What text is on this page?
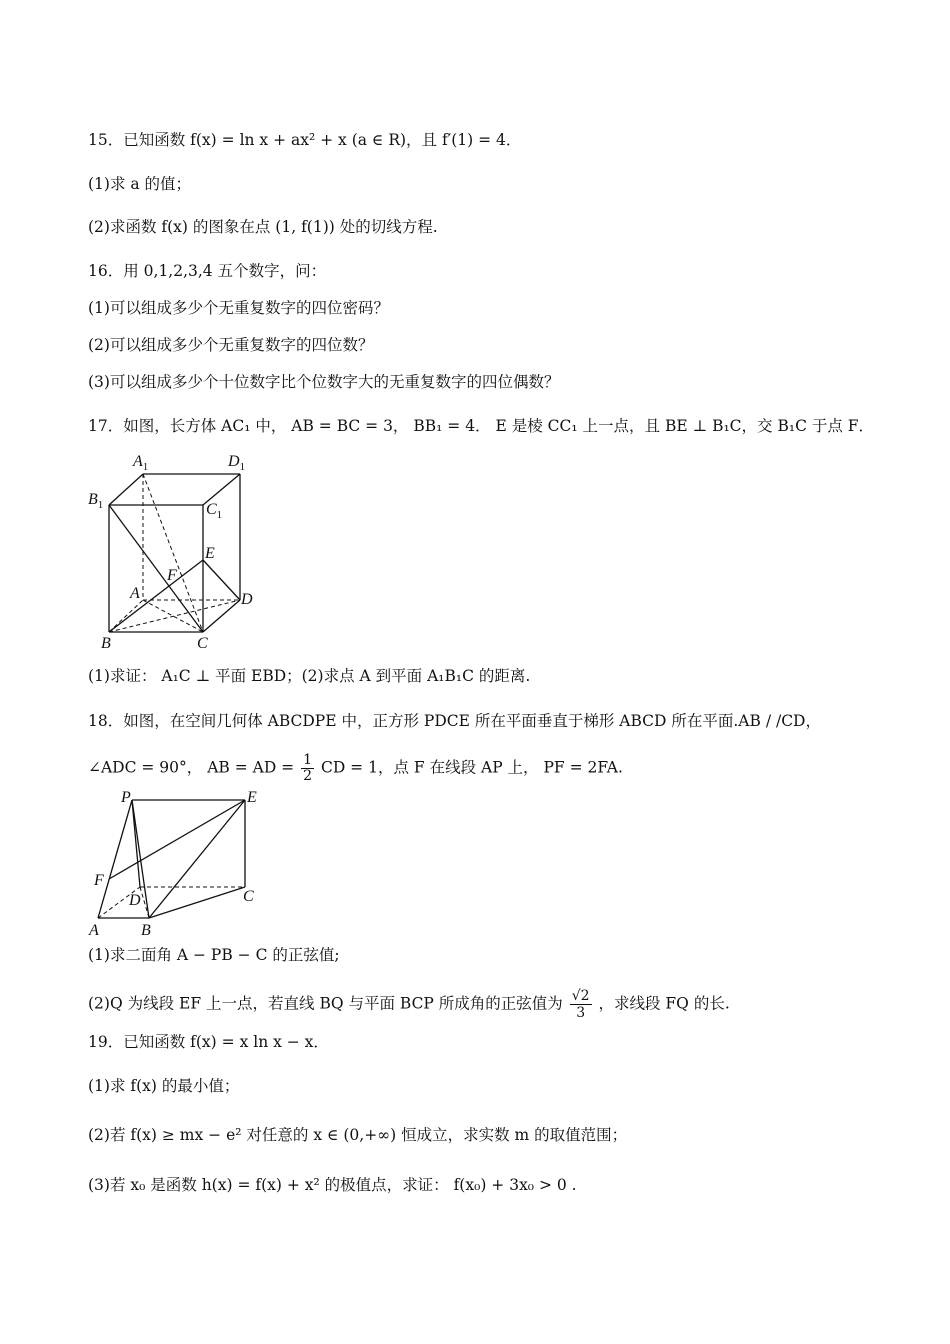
15．已知函数 f(x) = ln x + ax² + x (a ∈ R)，且 f′(1) = 4．
(1)求 a 的值；
(2)求函数 f(x) 的图象在点 (1, f(1)) 处的切线方程.
16．用 0,1,2,3,4 五个数字，问：
(1)可以组成多少个无重复数字的四位密码？
(2)可以组成多少个无重复数字的四位数？
(3)可以组成多少个十位数字比个位数字大的无重复数字的四位偶数？
17．如图，长方体 AC₁ 中， AB = BC = 3， BB₁ = 4． E 是棱 CC₁ 上一点，且 BE ⊥ B₁C，交 B₁C 于点 F．
$A_1$	$D_1$
$B_1$	$C_1$
E
F
A	D
B	C
(1)求证： A₁C ⊥ 平面 EBD；(2)求点 A 到平面 A₁B₁C 的距离.
18．如图，在空间几何体 ABCDPE 中，正方形 PDCE 所在平面垂直于梯形 ABCD 所在平面.AB / /CD，
∠ADC = 90°， AB = AD = $\frac{1}{2}$ CD = 1，点 F 在线段 AP 上， PF = 2FA.
P	E
F
D	C
A	B
(1)求二面角 A − PB − C 的正弦值;
(2)Q 为线段 EF 上一点，若直线 BQ 与平面 BCP 所成角的正弦值为 $\frac{√2}{3}$ ，求线段 FQ 的长.
19．已知函数 f(x) = x ln x − x．
(1)求 f(x) 的最小值；
(2)若 f(x) ≥ mx − e² 对任意的 x ∈ (0,+∞) 恒成立，求实数 m 的取值范围；
(3)若 x₀ 是函数 h(x) = f(x) + x² 的极值点，求证： f(x₀) + 3x₀ > 0 .
